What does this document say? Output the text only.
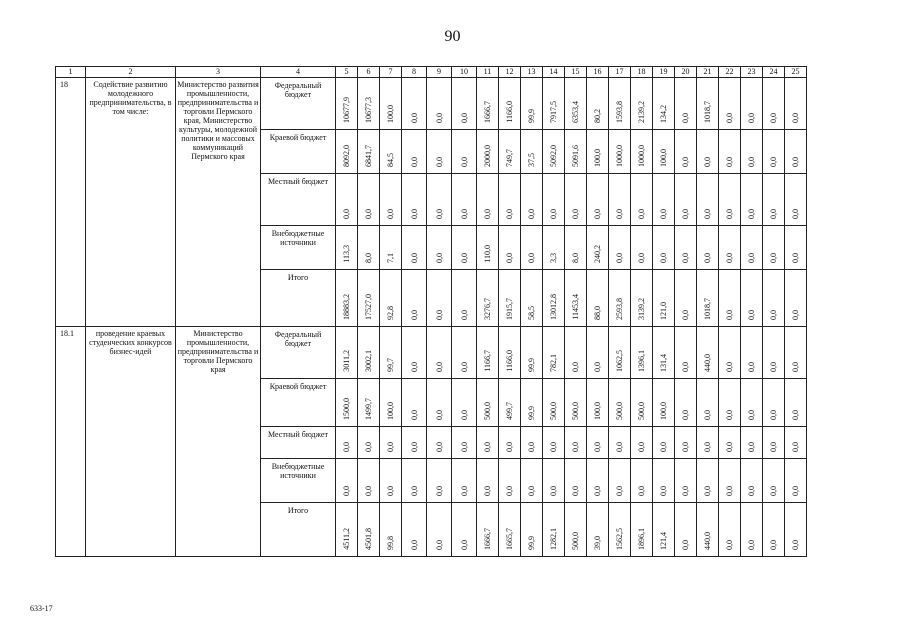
90
1	2	3	4	5	6	7	8	9	10	11	12	13	14	15	16	17	18	19	20	21	22	23	24	25
18	Содействие развитию молодежного предпринимательства, в том числе:	Министерство развития промышленности, предпринимательства и торговли Пермского края, Министерство культуры, молодежной политики и массовых коммуникаций Пермского края	Федеральный бюджет	10677,9	10677,3	100,0	0,0	0,0	0,0	1666,7	1166,0	99,9	7917,5	6353,4	80,2	1593,8	2139,2	134,2	0,0	1018,7	0,0	0,0	0,0	0,0

			Краевой бюджет	8092,0	6841,7	84,5	0,0	0,0	0,0	2000,0	749,7	37,5	5092,0	5091,6	100,0	1000,0	1000,0	100,0	0,0	0,0	0,0	0,0	0,0	0,0

			Местный бюджет	0,0	0,0	0,0	0,0	0,0	0,0	0,0	0,0	0,0	0,0	0,0	0,0	0,0	0,0	0,0	0,0	0,0	0,0	0,0	0,0	0,0

			Внебюджетные источники	113,3	8,0	7,1	0,0	0,0	0,0	110,0	0,0	0,0	3,3	8,0	240,2	0,0	0,0	0,0	0,0	0,0	0,0	0,0	0,0	0,0

			Итого	18883,2	17527,0	92,8	0,0	0,0	0,0	3276,7	1915,7	58,5	13012,8	11453,4	88,0	2593,8	3139,2	121,0	0,0	1018,7	0,0	0,0	0,0	0,0

18.1	проведение краевых студенческих конкурсов бизнес-идей	Министерство промышленности, предпринимательства и торговли Пермского края	Федеральный бюджет	3011,2	3002,1	99,7	0,0	0,0	0,0	1166,7	1166,0	99,9	782,1	0,0	0,0	1062,5	1396,1	131,4	0,0	440,0	0,0	0,0	0,0	0,0

			Краевой бюджет	1500,0	1499,7	100,0	0,0	0,0	0,0	500,0	499,7	99,9	500,0	500,0	100,0	500,0	500,0	100,0	0,0	0,0	0,0	0,0	0,0	0,0

			Местный бюджет	0,0	0,0	0,0	0,0	0,0	0,0	0,0	0,0	0,0	0,0	0,0	0,0	0,0	0,0	0,0	0,0	0,0	0,0	0,0	0,0	0,0

			Внебюджетные источники	0,0	0,0	0,0	0,0	0,0	0,0	0,0	0,0	0,0	0,0	0,0	0,0	0,0	0,0	0,0	0,0	0,0	0,0	0,0	0,0	0,0

			Итого	4511,2	4501,8	99,8	0,0	0,0	0,0	1666,7	1665,7	99,9	1282,1	500,0	39,0	1562,5	1896,1	121,4	0,0	440,0	0,0	0,0	0,0	0,0
633-17
